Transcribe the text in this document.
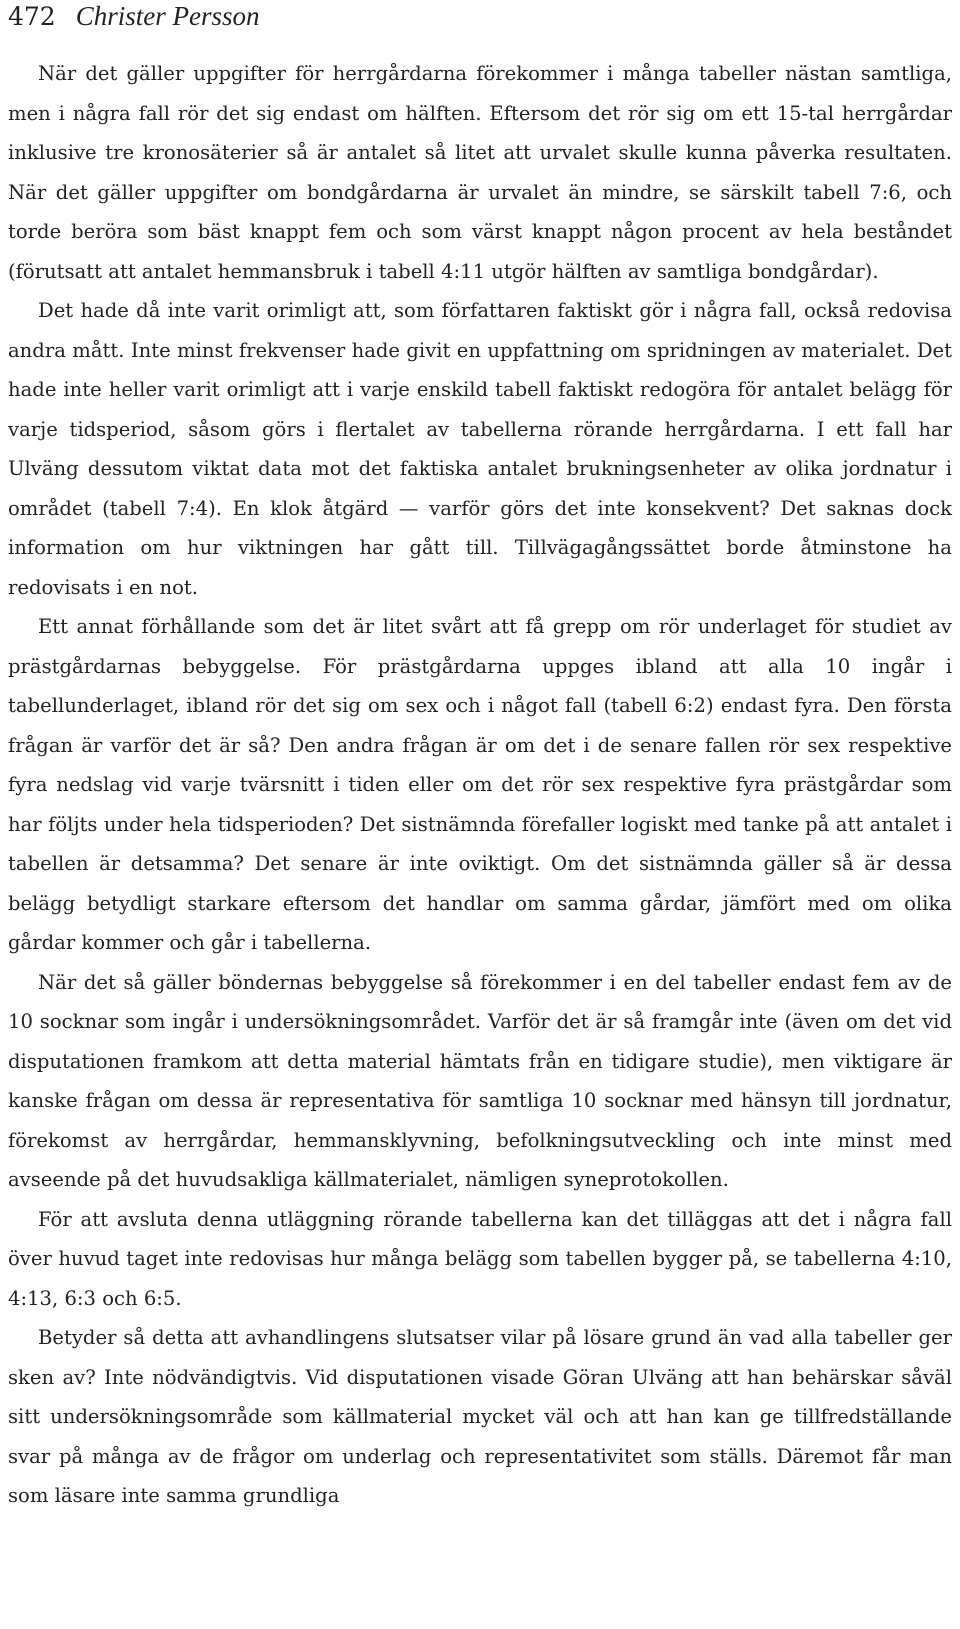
472 Christer Persson

När det gäller uppgifter för herrgårdarna förekommer i många tabeller nästan samtliga, men i några fall rör det sig endast om hälften. Eftersom det rör sig om ett 15-tal herrgårdar inklusive tre kronosäterier så är antalet så litet att urvalet skulle kunna påverka resultaten. När det gäller uppgifter om bondgårdarna är urvalet än mindre, se särskilt tabell 7:6, och torde beröra som bäst knappt fem och som värst knappt någon procent av hela beståndet (förutsatt att antalet hemmansbruk i tabell 4:11 utgör hälften av samtliga bondgårdar).

Det hade då inte varit orimligt att, som författaren faktiskt gör i några fall, också redovisa andra mått. Inte minst frekvenser hade givit en uppfattning om spridningen av materialet. Det hade inte heller varit orimligt att i varje enskild tabell faktiskt redogöra för antalet belägg för varje tidsperiod, såsom görs i flertalet av tabellerna rörande herrgårdarna. I ett fall har Ulväng dessutom viktat data mot det faktiska antalet brukningsenheter av olika jordnatur i området (tabell 7:4). En klok åtgärd — varför görs det inte konsekvent? Det saknas dock information om hur viktningen har gått till. Tillvägagångssättet borde åtminstone ha redovisats i en not.

Ett annat förhållande som det är litet svårt att få grepp om rör underlaget för studiet av prästgårdarnas bebyggelse. För prästgårdarna uppges ibland att alla 10 ingår i tabellunderlaget, ibland rör det sig om sex och i något fall (tabell 6:2) endast fyra. Den första frågan är varför det är så? Den andra frågan är om det i de senare fallen rör sex respektive fyra nedslag vid varje tvärsnitt i tiden eller om det rör sex respektive fyra prästgårdar som har följts under hela tidsperioden? Det sistnämnda förefaller logiskt med tanke på att antalet i tabellen är detsamma? Det senare är inte oviktigt. Om det sistnämnda gäller så är dessa belägg betydligt starkare eftersom det handlar om samma gårdar, jämfört med om olika gårdar kommer och går i tabellerna.

När det så gäller böndernas bebyggelse så förekommer i en del tabeller endast fem av de 10 socknar som ingår i undersökningsområdet. Varför det är så framgår inte (även om det vid disputationen framkom att detta material hämtats från en tidigare studie), men viktigare är kanske frågan om dessa är representativa för samtliga 10 socknar med hänsyn till jordnatur, förekomst av herrgårdar, hemmansklyvning, befolkningsutveckling och inte minst med avseende på det huvudsakliga källmaterialet, nämligen syneprotokollen.

För att avsluta denna utläggning rörande tabellerna kan det tilläggas att det i några fall över huvud taget inte redovisas hur många belägg som tabellen bygger på, se tabellerna 4:10, 4:13, 6:3 och 6:5.

Betyder så detta att avhandlingens slutsatser vilar på lösare grund än vad alla tabeller ger sken av? Inte nödvändigtvis. Vid disputationen visade Göran Ulväng att han behärskar såväl sitt undersökningsområde som källmaterial mycket väl och att han kan ge tillfredställande svar på många av de frågor om underlag och representativitet som ställs. Däremot får man som läsare inte samma grundliga
